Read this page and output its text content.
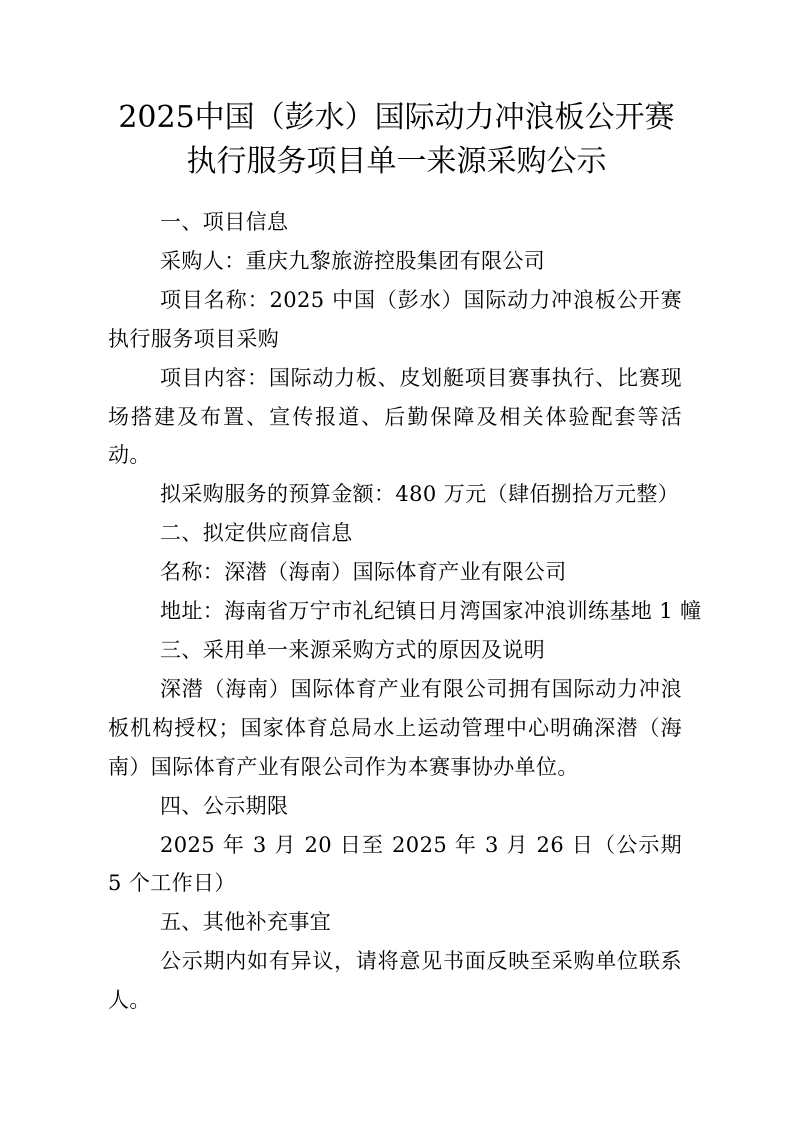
2025中国（彭水）国际动力冲浪板公开赛
执行服务项目单一来源采购公示

一、项目信息

采购人：重庆九黎旅游控股集团有限公司

项目名称：2025 中国（彭水）国际动力冲浪板公开赛执行服务项目采购

项目内容：国际动力板、皮划艇项目赛事执行、比赛现场搭建及布置、宣传报道、后勤保障及相关体验配套等活动。

拟采购服务的预算金额：480 万元（肆佰捌拾万元整）

二、拟定供应商信息

名称：深潜（海南）国际体育产业有限公司

地址：海南省万宁市礼纪镇日月湾国家冲浪训练基地 1 幢

三、采用单一来源采购方式的原因及说明

深潜（海南）国际体育产业有限公司拥有国际动力冲浪板机构授权；国家体育总局水上运动管理中心明确深潜（海南）国际体育产业有限公司作为本赛事协办单位。

四、公示期限

2025 年 3 月 20 日至 2025 年 3 月 26 日（公示期 5 个工作日）

五、其他补充事宜

公示期内如有异议，请将意见书面反映至采购单位联系人。
